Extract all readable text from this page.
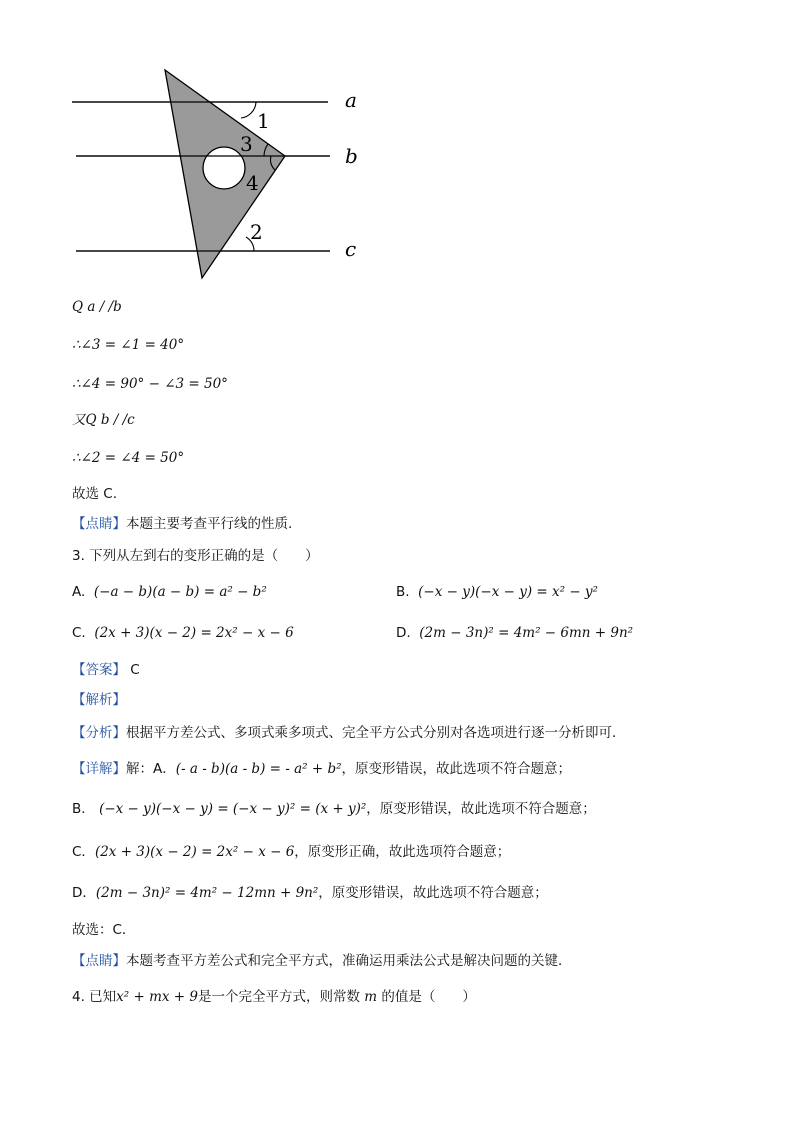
1
3
4
2
a
b
c
Q a / /b
∴∠3 = ∠1 = 40°
∴∠4 = 90° − ∠3 = 50°
又Q b / /c
∴∠2 = ∠4 = 50°
故选 C.
【点睛】本题主要考查平行线的性质.
3. 下列从左到右的变形正确的是（　　）
A. (−a − b)(a − b) = a² − b²	B. (−x − y)(−x − y) = x² − y²
C. (2x + 3)(x − 2) = 2x² − x − 6	D. (2m − 3n)² = 4m² − 6mn + 9n²
【答案】 C
【解析】
【分析】根据平方差公式、多项式乘多项式、完全平方公式分别对各选项进行逐一分析即可．
【详解】解：A．(- a - b)(a - b) = - a² + b²，原变形错误，故此选项不符合题意；
B． (−x − y)(−x − y) = (−x − y)² = (x + y)²，原变形错误，故此选项不符合题意；
C．(2x + 3)(x − 2) = 2x² − x − 6，原变形正确，故此选项符合题意；
D．(2m − 3n)² = 4m² − 12mn + 9n²，原变形错误，故此选项不符合题意；
故选：C．
【点睛】本题考查平方差公式和完全平方式，准确运用乘法公式是解决问题的关键．
4. 已知x² + mx + 9是一个完全平方式，则常数 m 的值是（　　）
